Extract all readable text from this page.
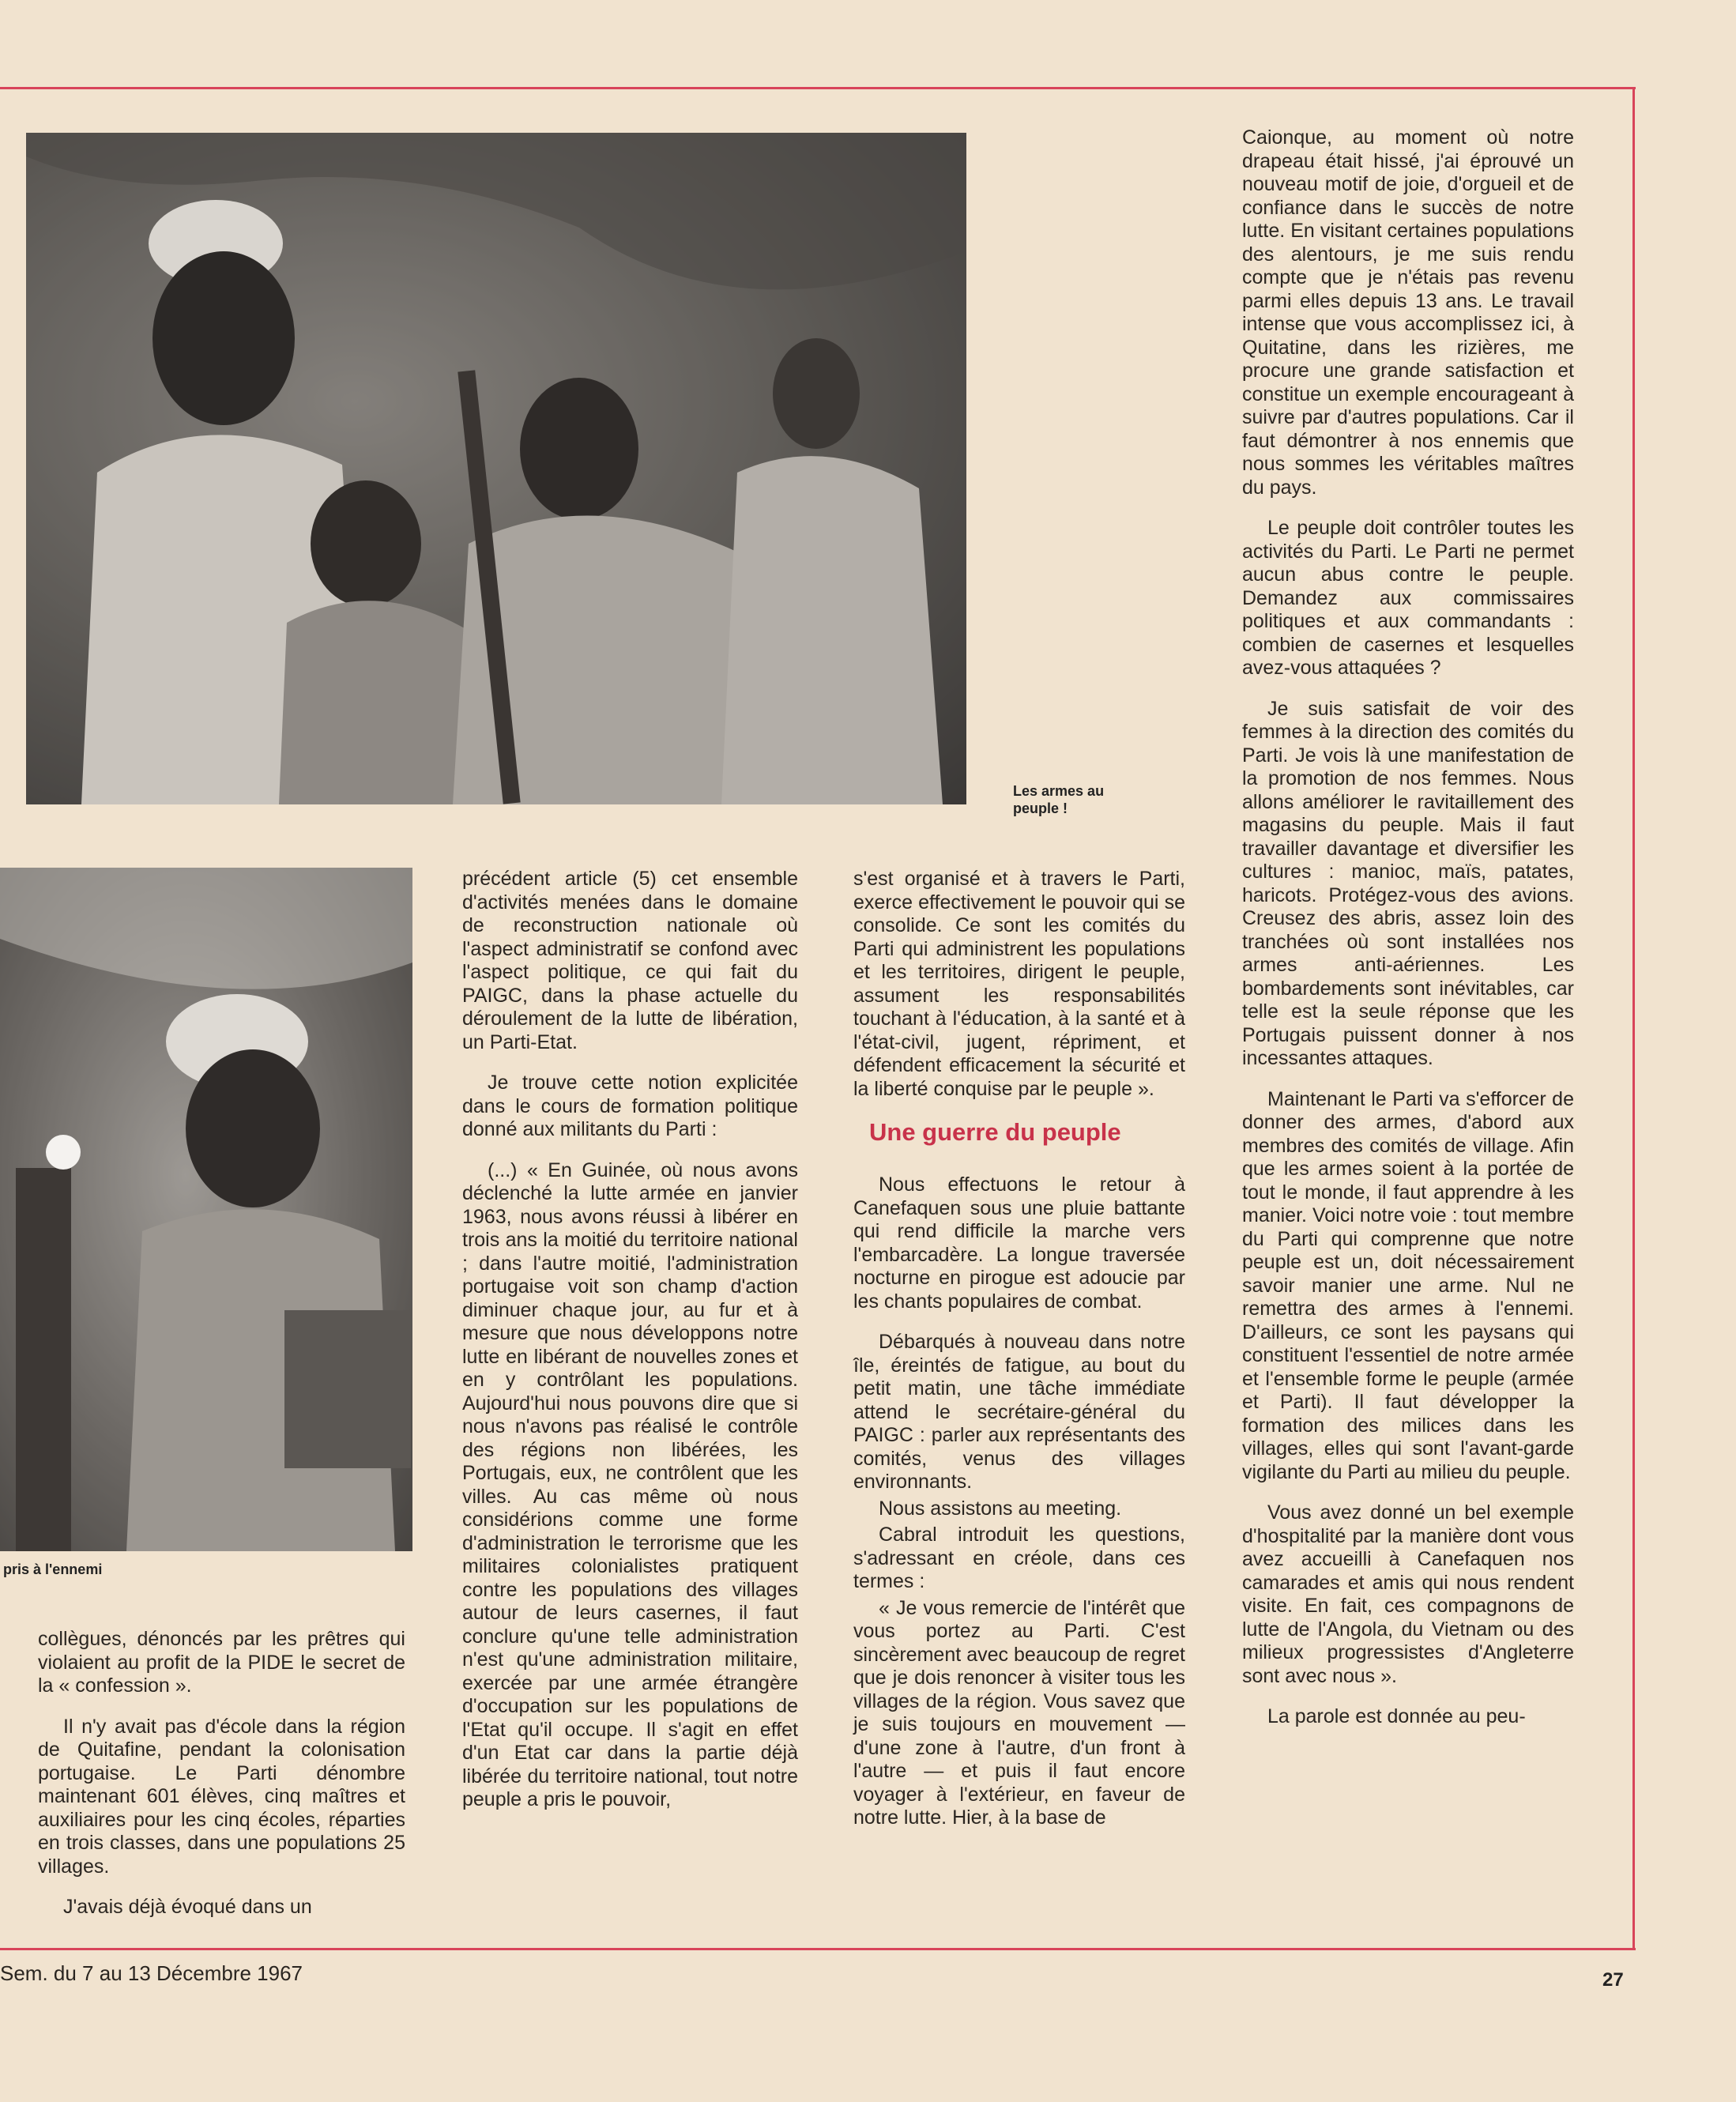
Les armes au peuple !
pris à l'ennemi

collègues, dénoncés par les prêtres qui violaient au profit de la PIDE le secret de la « confession ».

Il n'y avait pas d'école dans la région de Quitafine, pendant la colonisation portugaise. Le Parti dénombre maintenant 601 élèves, cinq maîtres et auxiliaires pour les cinq écoles, réparties en trois classes, dans une populations 25 villages.

J'avais déjà évoqué dans un

précédent article (5) cet ensemble d'activités menées dans le domaine de reconstruction nationale où l'aspect administratif se confond avec l'aspect politique, ce qui fait du PAIGC, dans la phase actuelle du déroulement de la lutte de libération, un Parti-Etat.

Je trouve cette notion explicitée dans le cours de formation politique donné aux militants du Parti :

(...) « En Guinée, où nous avons déclenché la lutte armée en janvier 1963, nous avons réussi à libérer en trois ans la moitié du territoire national ; dans l'autre moitié, l'administration portugaise voit son champ d'action diminuer chaque jour, au fur et à mesure que nous développons notre lutte en libérant de nouvelles zones et en y contrôlant les populations. Aujourd'hui nous pouvons dire que si nous n'avons pas réalisé le contrôle des régions non libérées, les Portugais, eux, ne contrôlent que les villes. Au cas même où nous considérions comme une forme d'administration le terrorisme que les militaires colonialistes pratiquent contre les populations des villages autour de leurs casernes, il faut conclure qu'une telle administration n'est qu'une administration militaire, exercée par une armée étrangère d'occupation sur les populations de l'Etat qu'il occupe. Il s'agit en effet d'un Etat car dans la partie déjà libérée du territoire national, tout notre peuple a pris le pouvoir,

s'est organisé et à travers le Parti, exerce effectivement le pouvoir qui se consolide. Ce sont les comités du Parti qui administrent les populations et les territoires, dirigent le peuple, assument les responsabilités touchant à l'éducation, à la santé et à l'état-civil, jugent, répriment, et défendent efficacement la sécurité et la liberté conquise par le peuple ».

Une guerre du peuple

Nous effectuons le retour à Canefaquen sous une pluie battante qui rend difficile la marche vers l'embarcadère. La longue traversée nocturne en pirogue est adoucie par les chants populaires de combat.

Débarqués à nouveau dans notre île, éreintés de fatigue, au bout du petit matin, une tâche immédiate attend le secrétaire-général du PAIGC : parler aux représentants des comités, venus des villages environnants.

Nous assistons au meeting.

Cabral introduit les questions, s'adressant en créole, dans ces termes :

« Je vous remercie de l'intérêt que vous portez au Parti. C'est sincèrement avec beaucoup de regret que je dois renoncer à visiter tous les villages de la région. Vous savez que je suis toujours en mouvement — d'une zone à l'autre, d'un front à l'autre — et puis il faut encore voyager à l'extérieur, en faveur de notre lutte. Hier, à la base de

Caionque, au moment où notre drapeau était hissé, j'ai éprouvé un nouveau motif de joie, d'orgueil et de confiance dans le succès de notre lutte. En visitant certaines populations des alentours, je me suis rendu compte que je n'étais pas revenu parmi elles depuis 13 ans. Le travail intense que vous accomplissez ici, à Quitatine, dans les rizières, me procure une grande satisfaction et constitue un exemple encourageant à suivre par d'autres populations. Car il faut démontrer à nos ennemis que nous sommes les véritables maîtres du pays.

Le peuple doit contrôler toutes les activités du Parti. Le Parti ne permet aucun abus contre le peuple. Demandez aux commissaires politiques et aux commandants : combien de casernes et lesquelles avez-vous attaquées ?

Je suis satisfait de voir des femmes à la direction des comités du Parti. Je vois là une manifestation de la promotion de nos femmes. Nous allons améliorer le ravitaillement des magasins du peuple. Mais il faut travailler davantage et diversifier les cultures : manioc, maïs, patates, haricots. Protégez-vous des avions. Creusez des abris, assez loin des tranchées où sont installées nos armes anti-aériennes. Les bombardements sont inévitables, car telle est la seule réponse que les Portugais puissent donner à nos incessantes attaques.

Maintenant le Parti va s'efforcer de donner des armes, d'abord aux membres des comités de village. Afin que les armes soient à la portée de tout le monde, il faut apprendre à les manier. Voici notre voie : tout membre du Parti qui comprenne que notre peuple est un, doit nécessairement savoir manier une arme. Nul ne remettra des armes à l'ennemi. D'ailleurs, ce sont les paysans qui constituent l'essentiel de notre armée et l'ensemble forme le peuple (armée et Parti). Il faut développer la formation des milices dans les villages, elles qui sont l'avant-garde vigilante du Parti au milieu du peuple.

Vous avez donné un bel exemple d'hospitalité par la manière dont vous avez accueilli à Canefaquen nos camarades et amis qui nous rendent visite. En fait, ces compagnons de lutte de l'Angola, du Vietnam ou des milieux progressistes d'Angleterre sont avec nous ».

La parole est donnée au peu-

Sem. du 7 au 13 Décembre 1967	27
